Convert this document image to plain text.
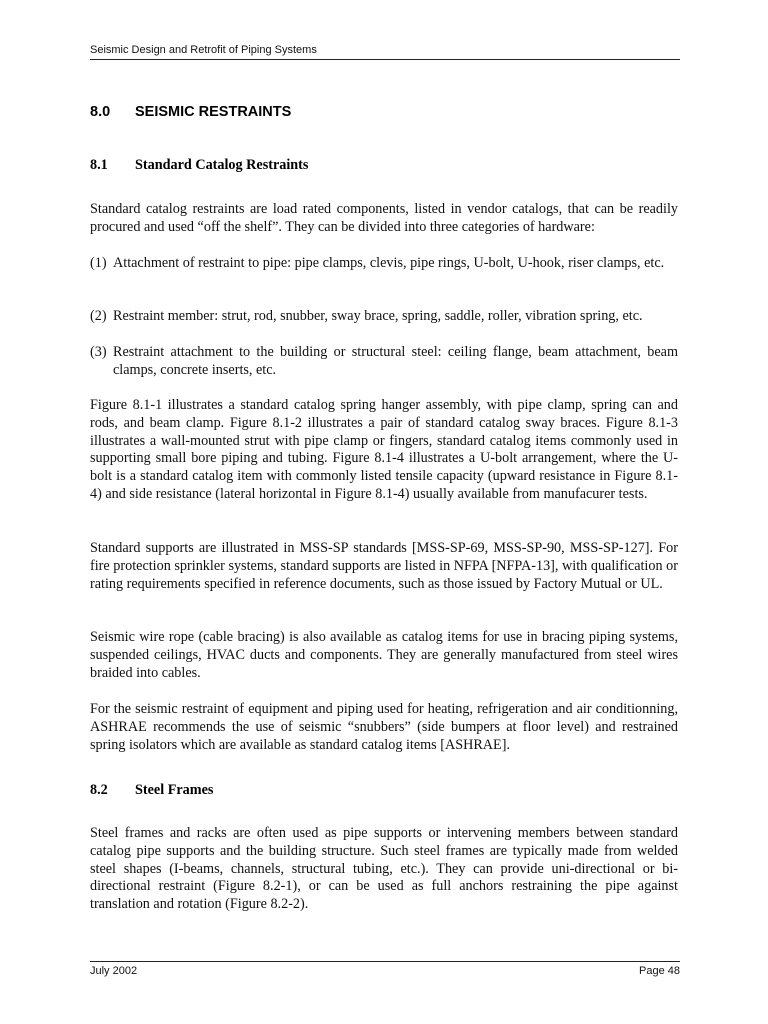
Seismic Design and Retrofit of Piping Systems
8.0 SEISMIC RESTRAINTS
8.1 Standard Catalog Restraints

Standard catalog restraints are load rated components, listed in vendor catalogs, that can be readily procured and used “off the shelf”. They can be divided into three categories of hardware:

(1) Attachment of restraint to pipe: pipe clamps, clevis, pipe rings, U-bolt, U-hook, riser clamps, etc.

(2) Restraint member: strut, rod, snubber, sway brace, spring, saddle, roller, vibration spring, etc.

(3) Restraint attachment to the building or structural steel: ceiling flange, beam attachment, beam clamps, concrete inserts, etc.

Figure 8.1-1 illustrates a standard catalog spring hanger assembly, with pipe clamp, spring can and rods, and beam clamp. Figure 8.1-2 illustrates a pair of standard catalog sway braces. Figure 8.1-3 illustrates a wall-mounted strut with pipe clamp or fingers, standard catalog items commonly used in supporting small bore piping and tubing. Figure 8.1-4 illustrates a U-bolt arrangement, where the U-bolt is a standard catalog item with commonly listed tensile capacity (upward resistance in Figure 8.1-4) and side resistance (lateral horizontal in Figure 8.1-4) usually available from manufacurer tests.

Standard supports are illustrated in MSS-SP standards [MSS-SP-69, MSS-SP-90, MSS-SP-127]. For fire protection sprinkler systems, standard supports are listed in NFPA [NFPA-13], with qualification or rating requirements specified in reference documents, such as those issued by Factory Mutual or UL.

Seismic wire rope (cable bracing) is also available as catalog items for use in bracing piping systems, suspended ceilings, HVAC ducts and components. They are generally manufactured from steel wires braided into cables.

For the seismic restraint of equipment and piping used for heating, refrigeration and air conditionning, ASHRAE recommends the use of seismic “snubbers” (side bumpers at floor level) and restrained spring isolators which are available as standard catalog items [ASHRAE].

8.2 Steel Frames

Steel frames and racks are often used as pipe supports or intervening members between standard catalog pipe supports and the building structure. Such steel frames are typically made from welded steel shapes (I-beams, channels, structural tubing, etc.). They can provide uni-directional or bi-directional restraint (Figure 8.2-1), or can be used as full anchors restraining the pipe against translation and rotation (Figure 8.2-2).

July 2002	Page 48
